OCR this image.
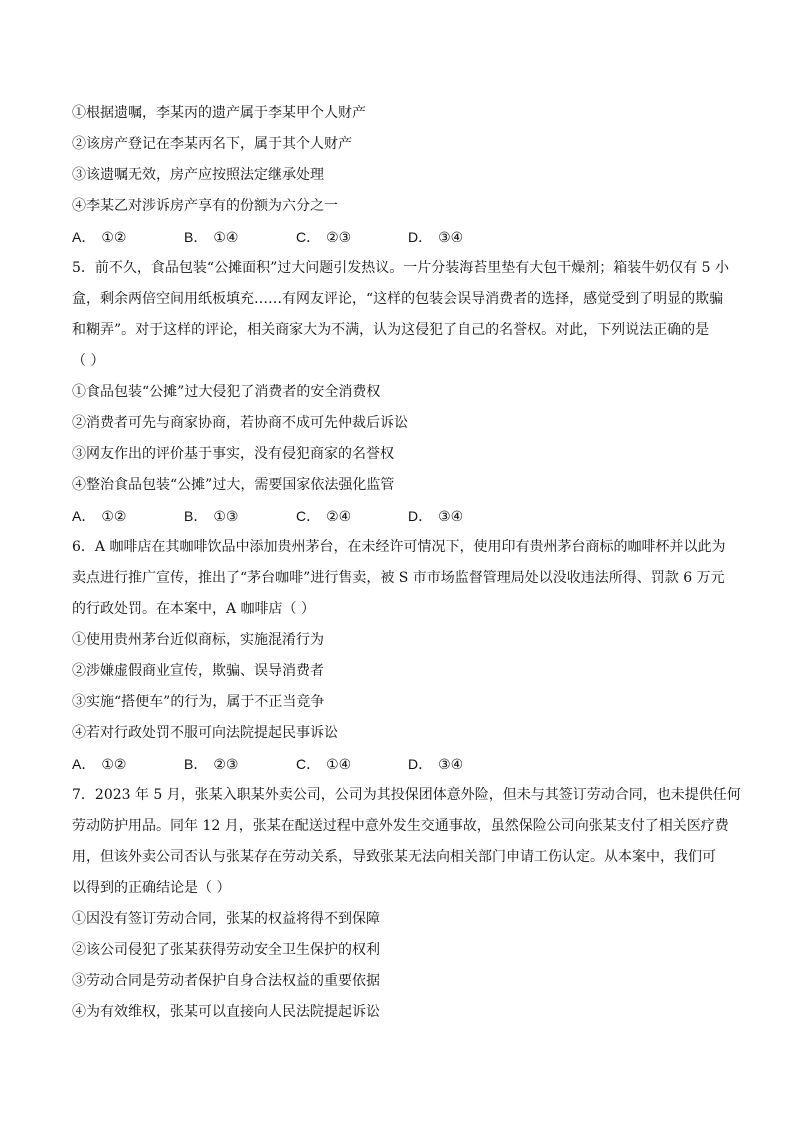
①根据遗嘱，李某丙的遗产属于李某甲个人财产
②该房产登记在李某丙名下，属于其个人财产
③该遗嘱无效，房产应按照法定继承处理
④李某乙对涉诉房产享有的份额为六分之一
A． ①②	B． ①④	C． ②③	D． ③④
5．前不久，食品包装“公摊面积”过大问题引发热议。一片分装海苔里垫有大包干燥剂；箱装牛奶仅有 5 小
盒，剩余两倍空间用纸板填充……有网友评论，“这样的包装会误导消费者的选择，感觉受到了明显的欺骗
和糊弄”。对于这样的评论，相关商家大为不满，认为这侵犯了自己的名誉权。对此，下列说法正确的是
（ ）
①食品包装“公摊”过大侵犯了消费者的安全消费权
②消费者可先与商家协商，若协商不成可先仲裁后诉讼
③网友作出的评价基于事实，没有侵犯商家的名誉权
④整治食品包装“公摊”过大，需要国家依法强化监管
A． ①②	B． ①③	C． ②④	D． ③④
6．A 咖啡店在其咖啡饮品中添加贵州茅台，在未经许可情况下，使用印有贵州茅台商标的咖啡杯并以此为
卖点进行推广宣传，推出了“茅台咖啡”进行售卖，被 S 市市场监督管理局处以没收违法所得、罚款 6 万元
的行政处罚。在本案中，A 咖啡店（ ）
①使用贵州茅台近似商标，实施混淆行为
②涉嫌虚假商业宣传，欺骗、误导消费者
③实施“搭便车”的行为，属于不正当竞争
④若对行政处罚不服可向法院提起民事诉讼
A． ①②	B． ②③	C． ①④	D． ③④
7．2023 年 5 月，张某入职某外卖公司，公司为其投保团体意外险，但未与其签订劳动合同，也未提供任何
劳动防护用品。同年 12 月，张某在配送过程中意外发生交通事故，虽然保险公司向张某支付了相关医疗费
用，但该外卖公司否认与张某存在劳动关系，导致张某无法向相关部门申请工伤认定。从本案中，我们可
以得到的正确结论是（ ）
①因没有签订劳动合同，张某的权益将得不到保障
②该公司侵犯了张某获得劳动安全卫生保护的权利
③劳动合同是劳动者保护自身合法权益的重要依据
④为有效维权，张某可以直接向人民法院提起诉讼
